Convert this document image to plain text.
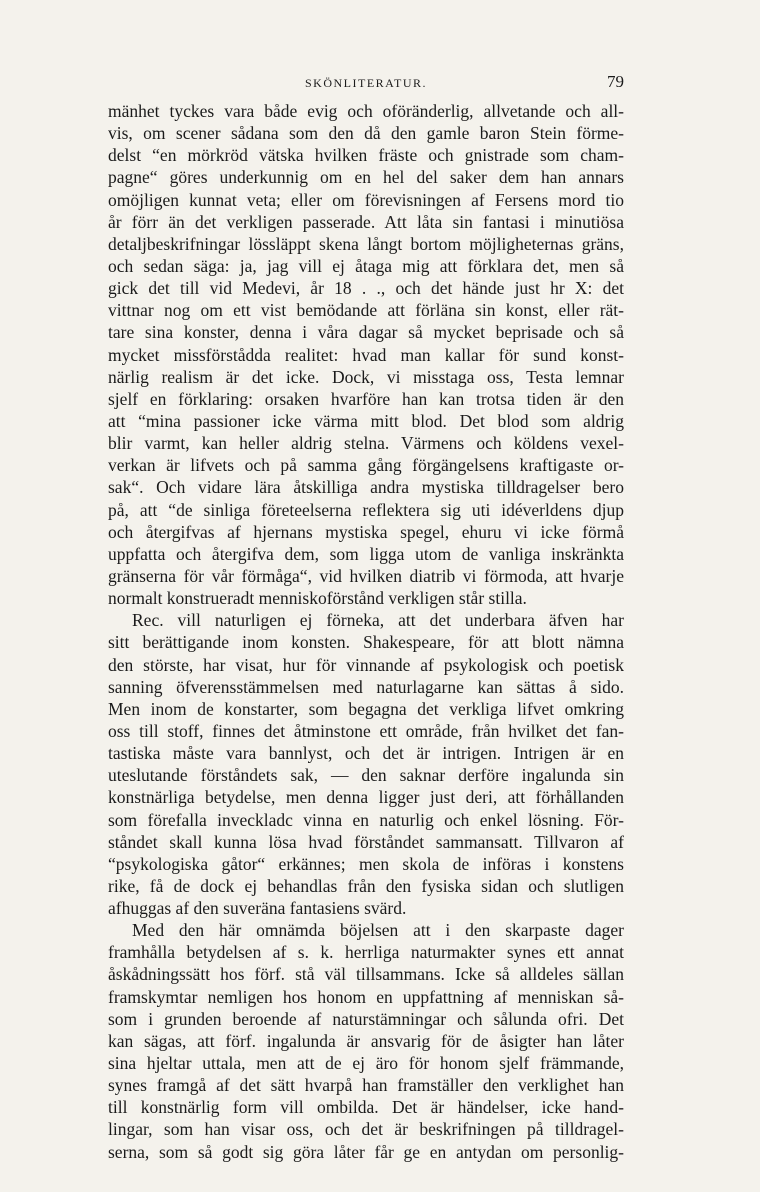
SKÖNLITERATUR.	79
mänhet tyckes vara både evig och oföränderlig, allvetande och all-
vis, om scener sådana som den då den gamle baron Stein förme-
delst “en mörkröd vätska hvilken fräste och gnistrade som cham-
pagne“ göres underkunnig om en hel del saker dem han annars
omöjligen kunnat veta; eller om förevisningen af Fersens mord tio
år förr än det verkligen passerade. Att låta sin fantasi i minutiösa
detaljbeskrifningar lössläppt skena långt bortom möjligheternas gräns,
och sedan säga: ja, jag vill ej åtaga mig att förklara det, men så
gick det till vid Medevi, år 18 . ., och det hände just hr X: det
vittnar nog om ett vist bemödande att förläna sin konst, eller rät-
tare sina konster, denna i våra dagar så mycket beprisade och så
mycket missförstådda realitet: hvad man kallar för sund konst-
närlig realism är det icke. Dock, vi misstaga oss, Testa lemnar
sjelf en förklaring: orsaken hvarföre han kan trotsa tiden är den
att “mina passioner icke värma mitt blod. Det blod som aldrig
blir varmt, kan heller aldrig stelna. Värmens och köldens vexel-
verkan är lifvets och på samma gång förgängelsens kraftigaste or-
sak“. Och vidare lära åtskilliga andra mystiska tilldragelser bero
på, att “de sinliga företeelserna reflektera sig uti idéverldens djup
och återgifvas af hjernans mystiska spegel, ehuru vi icke förmå
uppfatta och återgifva dem, som ligga utom de vanliga inskränkta
gränserna för vår förmåga“, vid hvilken diatrib vi förmoda, att hvarje
normalt konstrueradt menniskoförstånd verkligen står stilla.
Rec. vill naturligen ej förneka, att det underbara äfven har
sitt berättigande inom konsten. Shakespeare, för att blott nämna
den störste, har visat, hur för vinnande af psykologisk och poetisk
sanning öfverensstämmelsen med naturlagarne kan sättas å sido.
Men inom de konstarter, som begagna det verkliga lifvet omkring
oss till stoff, finnes det åtminstone ett område, från hvilket det fan-
tastiska måste vara bannlyst, och det är intrigen. Intrigen är en
uteslutande förståndets sak, — den saknar derföre ingalunda sin
konstnärliga betydelse, men denna ligger just deri, att förhållanden
som förefalla inveckladc vinna en naturlig och enkel lösning. För-
ståndet skall kunna lösa hvad förståndet sammansatt. Tillvaron af
“psykologiska gåtor“ erkännes; men skola de införas i konstens
rike, få de dock ej behandlas från den fysiska sidan och slutligen
afhuggas af den suveräna fantasiens svärd.
Med den här omnämda böjelsen att i den skarpaste dager
framhålla betydelsen af s. k. herrliga naturmakter synes ett annat
åskådningssätt hos förf. stå väl tillsammans. Icke så alldeles sällan
framskymtar nemligen hos honom en uppfattning af menniskan så-
som i grunden beroende af naturstämningar och sålunda ofri. Det
kan sägas, att förf. ingalunda är ansvarig för de åsigter han låter
sina hjeltar uttala, men att de ej äro för honom sjelf främmande,
synes framgå af det sätt hvarpå han framställer den verklighet han
till konstnärlig form vill ombilda. Det är händelser, icke hand-
lingar, som han visar oss, och det är beskrifningen på tilldragel-
serna, som så godt sig göra låter får ge en antydan om personlig-
